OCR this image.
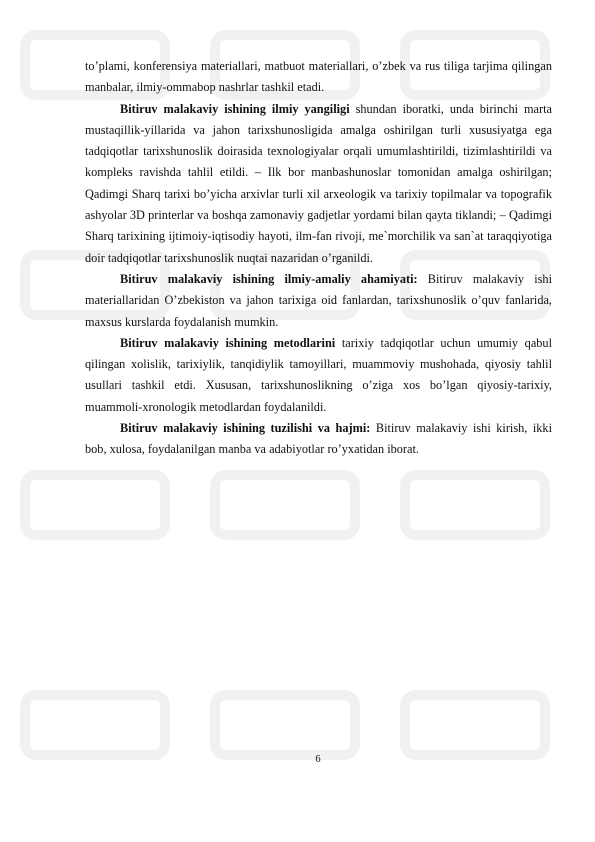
to’plami, konferensiya materiallari, matbuot materiallari, o’zbek va rus tiliga tarjima qilingan manbalar, ilmiy-ommabop nashrlar tashkil etadi.

Bitiruv malakaviy ishining ilmiy yangiligi shundan iboratki, unda birinchi marta mustaqillik-yillarida va jahon tarixshunosligida amalga oshirilgan turli xususiyatga ega tadqiqotlar tarixshunoslik doirasida texnologiyalar orqali umumlashtirildi, tizimlashtirildi va kompleks ravishda tahlil etildi. – Ilk bor manbashunoslar tomonidan amalga oshirilgan; Qadimgi Sharq tarixi bo’yicha arxivlar turli xil arxeologik va tarixiy topilmalar va topografik ashyolar 3D printerlar va boshqa zamonaviy gadjetlar yordami bilan qayta tiklandi; – Qadimgi Sharq tarixining ijtimoiy-iqtisodiy hayoti, ilm-fan rivoji, me`morchilik va san`at taraqqiyotiga doir tadqiqotlar tarixshunoslik nuqtai nazaridan o’rganildi.

Bitiruv malakaviy ishining ilmiy-amaliy ahamiyati: Bitiruv malakaviy ishi materiallaridan O’zbekiston va jahon tarixiga oid fanlardan, tarixshunoslik o’quv fanlarida, maxsus kurslarda foydalanish mumkin.

Bitiruv malakaviy ishining metodlarini tarixiy tadqiqotlar uchun umumiy qabul qilingan xolislik, tarixiylik, tanqidiylik tamoyillari, muammoviy mushohada, qiyosiy tahlil usullari tashkil etdi. Xususan, tarixshunoslikning o’ziga xos bo’lgan qiyosiy-tarixiy, muammoli-xronologik metodlardan foydalanildi.

Bitiruv malakaviy ishining tuzilishi va hajmi: Bitiruv malakaviy ishi kirish, ikki bob, xulosa, foydalanilgan manba va adabiyotlar ro’yxatidan iborat.

6
